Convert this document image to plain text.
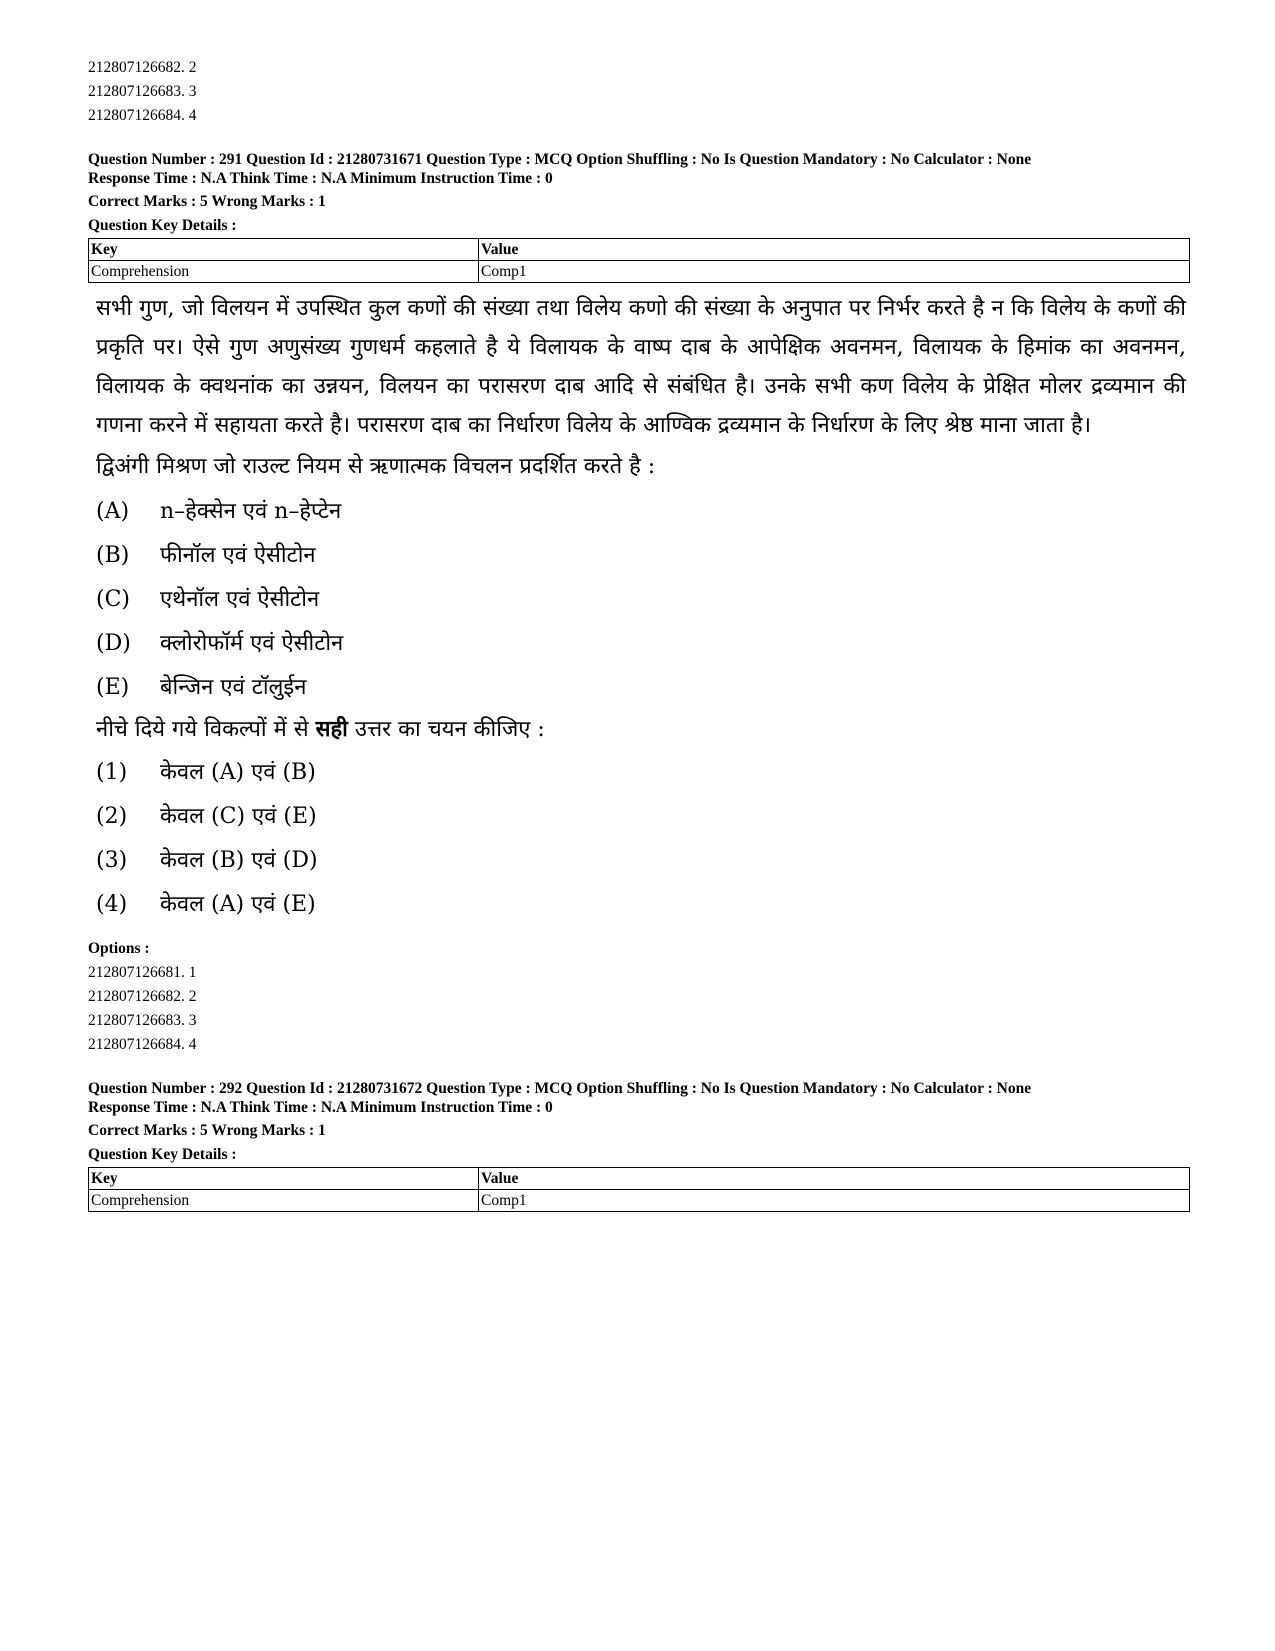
212807126682. 2
212807126683. 3
212807126684. 4
Question Number : 291 Question Id : 21280731671 Question Type : MCQ Option Shuffling : No Is Question Mandatory : No Calculator : None
Response Time : N.A Think Time : N.A Minimum Instruction Time : 0
Correct Marks : 5 Wrong Marks : 1
Question Key Details :
Key	Value
Comprehension	Comp1
सभी गुण, जो विलयन में उपस्थित कुल कणों की संख्या तथा विलेय कणो की संख्या के अनुपात पर निर्भर करते है न कि विलेय के कणों की प्रकृति पर। ऐसे गुण अणुसंख्य गुणधर्म कहलाते है ये विलायक के वाष्प दाब के आपेक्षिक अवनमन, विलायक के हिमांक का अवनमन, विलायक के क्वथनांक का उन्नयन, विलयन का परासरण दाब आदि से संबंधित है। उनके सभी कण विलेय के प्रेक्षित मोलर द्रव्यमान की गणना करने में सहायता करते है। परासरण दाब का निर्धारण विलेय के आण्विक द्रव्यमान के निर्धारण के लिए श्रेष्ठ माना जाता है।
द्विअंगी मिश्रण जो राउल्ट नियम से ऋणात्मक विचलन प्रदर्शित करते है :
(A) n–हेक्सेन एवं n–हेप्टेन
(B) फीनॉल एवं ऐसीटोन
(C) एथेनॉल एवं ऐसीटोन
(D) क्लोरोफॉर्म एवं ऐसीटोन
(E) बेन्जिन एवं टॉलुईन
नीचे दिये गये विकल्पों में से सही उत्तर का चयन कीजिए :
(1) केवल (A) एवं (B)
(2) केवल (C) एवं (E)
(3) केवल (B) एवं (D)
(4) केवल (A) एवं (E)
Options :
212807126681. 1
212807126682. 2
212807126683. 3
212807126684. 4
Question Number : 292 Question Id : 21280731672 Question Type : MCQ Option Shuffling : No Is Question Mandatory : No Calculator : None
Response Time : N.A Think Time : N.A Minimum Instruction Time : 0
Correct Marks : 5 Wrong Marks : 1
Question Key Details :
Key	Value
Comprehension	Comp1
